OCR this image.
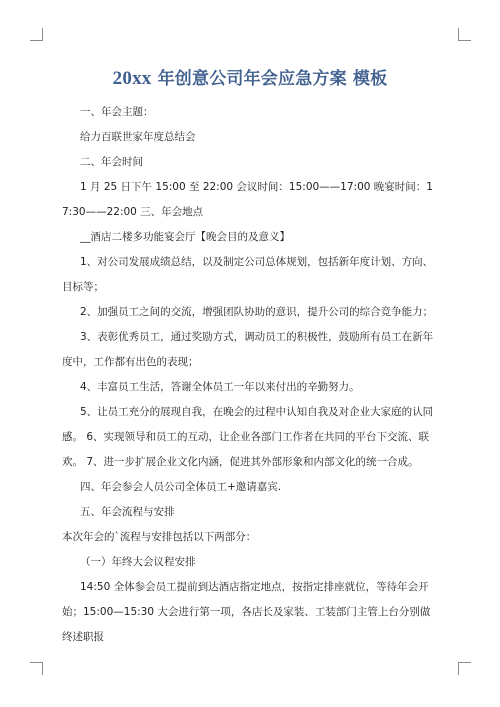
20xx 年创意公司年会应急方案 模板

一、年会主题：

给力百联世家年度总结会

二、年会时间

1 月 25 日下午 15:00 至 22:00 会议时间：15:00——17:00 晚宴时间：17:30——22:00 三、年会地点

__酒店二楼多功能宴会厅【晚会目的及意义】

1、对公司发展成绩总结，以及制定公司总体规划，包括新年度计划、方向、目标等；

2、加强员工之间的交流，增强团队协助的意识，提升公司的综合竞争能力；

3、表彰优秀员工，通过奖励方式，调动员工的积极性，鼓励所有员工在新年度中，工作都有出色的表现；

4、丰富员工生活，答谢全体员工一年以来付出的辛勤努力。

5、让员工充分的展现自我，在晚会的过程中认知自我及对企业大家庭的认同感。 6、实现领导和员工的互动，让企业各部门工作者在共同的平台下交流、联欢。 7、进一步扩展企业文化内涵，促进其外部形象和内部文化的统一合成。

四、年会参会人员公司全体员工+邀请嘉宾.

五、年会流程与安排

本次年会的`流程与安排包括以下两部分：

（一）年终大会议程安排

14:50 全体参会员工提前到达酒店指定地点，按指定排座就位，等待年会开始；15:00—15:30 大会进行第一项，各店长及家装、工装部门主管上台分别做终述职报
